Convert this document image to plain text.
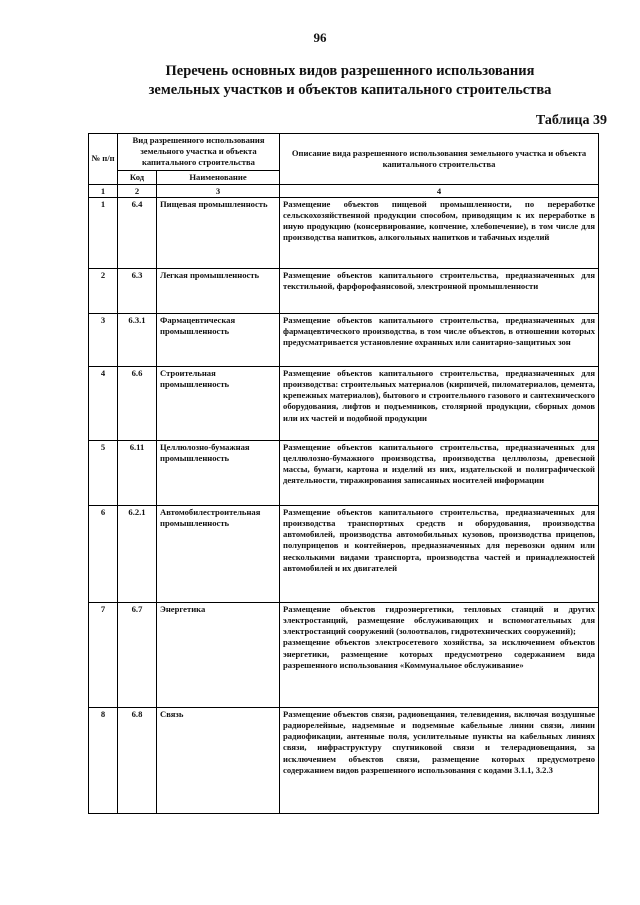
96
Перечень основных видов разрешенного использования
земельных участков и объектов капитального строительства
Таблица 39
№ п/п	Вид разрешенного использования земельного участка и объекта капитального строительства		Описание вида разрешенного использования земельного участка и объекта капитального строительства
	Код	Наименование	
1	2	3	4
1	6.4	Пищевая промышленность	Размещение объектов пищевой промышленности, по переработке сельскохозяйственной продукции способом, приводящим к их переработке в иную продукцию (консервирование, копчение, хлебопечение), в том числе для производства напитков, алкогольных напитков и табачных изделий

2	6.3	Легкая промышленность	Размещение объектов капитального строительства, предназначенных для текстильной, фарфорофаянсовой, электронной промышленности

3	6.3.1	Фармацевтическая промышленность	Размещение объектов капитального строительства, предназначенных для фармацевтического производства, в том числе объектов, в отношении которых предусматривается установление охранных или санитарно-защитных зон

4	6.6	Строительная промышленность	Размещение объектов капитального строительства, предназначенных для производства: строительных материалов (кирпичей, пиломатериалов, цемента, крепежных материалов), бытового и строительного газового и сантехнического оборудования, лифтов и подъемников, столярной продукции, сборных домов или их частей и подобной продукции

5	6.11	Целлюлозно-бумажная промышленность	Размещение объектов капитального строительства, предназначенных для целлюлозно-бумажного производства, производства целлюлозы, древесной массы, бумаги, картона и изделий из них, издательской и полиграфической деятельности, тиражирования записанных носителей информации

6	6.2.1	Автомобилестроительная промышленность	Размещение объектов капитального строительства, предназначенных для производства транспортных средств и оборудования, производства автомобилей, производства автомобильных кузовов, производства прицепов, полуприцепов и контейнеров, предназначенных для перевозки одним или несколькими видами транспорта, производства частей и принадлежностей автомобилей и их двигателей

7	6.7	Энергетика	Размещение объектов гидроэнергетики, тепловых станций и других электростанций, размещение обслуживающих и вспомогательных для электростанций сооружений (золоотвалов, гидротехнических сооружений);
размещение объектов электросетевого хозяйства, за исключением объектов энергетики, размещение которых предусмотрено содержанием вида разрешенного использования «Коммунальное обслуживание»

8	6.8	Связь	Размещение объектов связи, радиовещания, телевидения, включая воздушные радиорелейные, надземные и подземные кабельные линии связи, линии радиофикации, антенные поля, усилительные пункты на кабельных линиях связи, инфраструктуру спутниковой связи и телерадиовещания, за исключением объектов связи, размещение которых предусмотрено содержанием видов разрешенного использования с кодами 3.1.1, 3.2.3
